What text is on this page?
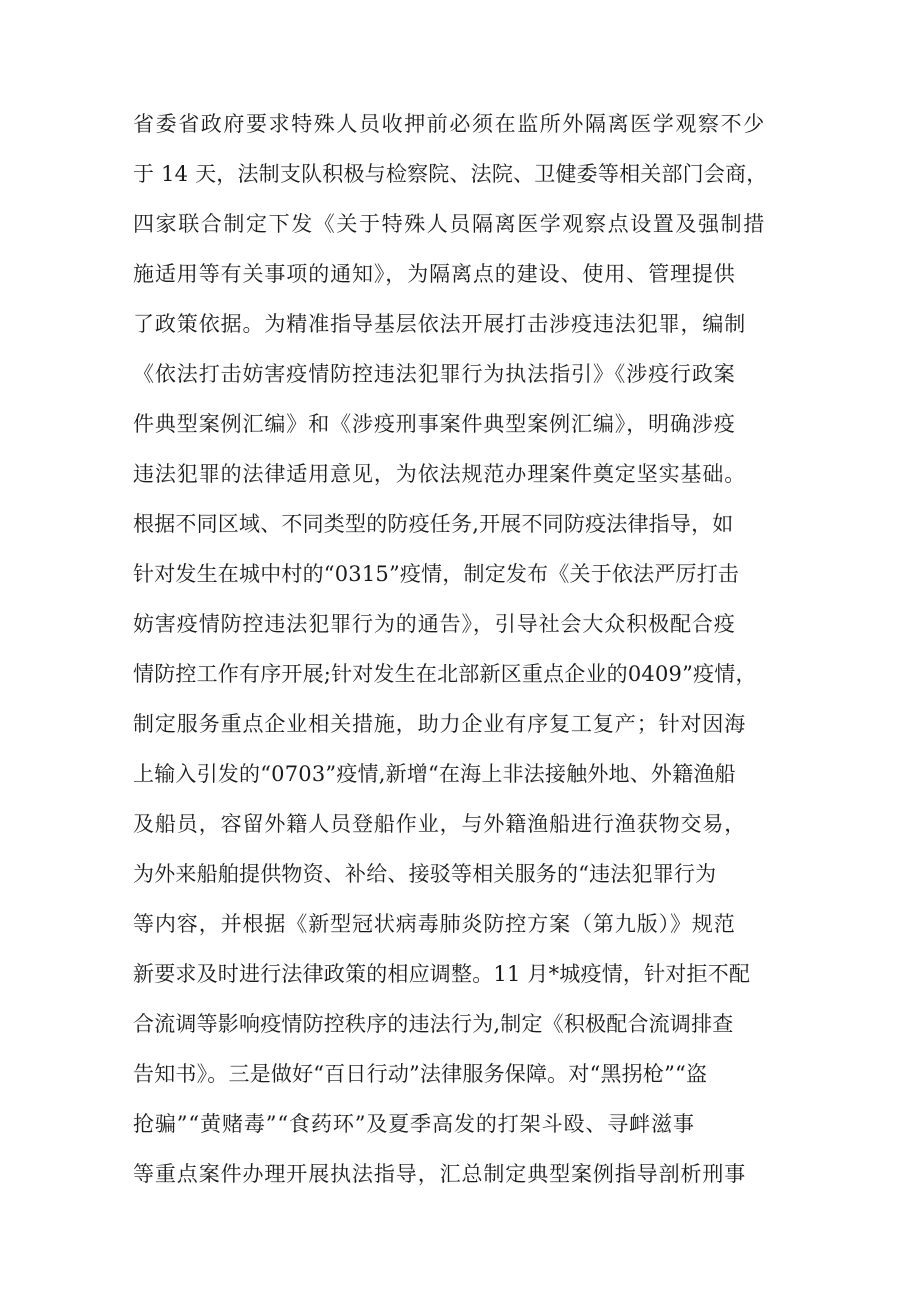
省委省政府要求特殊人员收押前必须在监所外隔离医学观察不少
于 14 天，法制支队积极与检察院、法院、卫健委等相关部门会商，
四家联合制定下发《关于特殊人员隔离医学观察点设置及强制措
施适用等有关事项的通知》，为隔离点的建设、使用、管理提供
了政策依据。为精准指导基层依法开展打击涉疫违法犯罪，编制
《依法打击妨害疫情防控违法犯罪行为执法指引》《涉疫行政案
件典型案例汇编》和《涉疫刑事案件典型案例汇编》，明确涉疫
违法犯罪的法律适用意见，为依法规范办理案件奠定坚实基础。
根据不同区域、不同类型的防疫任务,开展不同防疫法律指导，如
针对发生在城中村的“0315”疫情，制定发布《关于依法严厉打击
妨害疫情防控违法犯罪行为的通告》，引导社会大众积极配合疫
情防控工作有序开展;针对发生在北部新区重点企业的0409”疫情，
制定服务重点企业相关措施，助力企业有序复工复产；针对因海
上输入引发的“0703”疫情,新增“在海上非法接触外地、外籍渔船
及船员，容留外籍人员登船作业，与外籍渔船进行渔获物交易，
为外来船舶提供物资、补给、接驳等相关服务的“违法犯罪行为
等内容，并根据《新型冠状病毒肺炎防控方案（第九版）》规范
新要求及时进行法律政策的相应调整。11 月*城疫情，针对拒不配
合流调等影响疫情防控秩序的违法行为,制定《积极配合流调排查
告知书》。三是做好“百日行动”法律服务保障。对“黑拐枪”“盗
抢骗”“黄赌毒”“食药环”及夏季高发的打架斗殴、寻衅滋事
等重点案件办理开展执法指导，汇总制定典型案例指导剖析刑事
